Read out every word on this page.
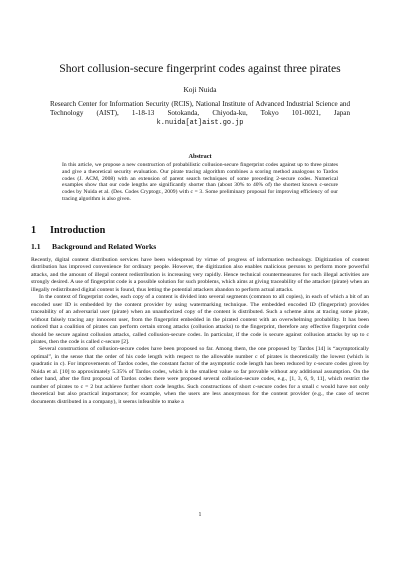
Short collusion-secure fingerprint codes against three pirates
Koji Nuida
Research Center for Information Security (RCIS), National Institute of Advanced Industrial Science and Technology (AIST), 1-18-13 Sotokanda, Chiyoda-ku, Tokyo 101-0021, Japan k.nuida[at]aist.go.jp
Abstract
In this article, we propose a new construction of probabilistic collusion-secure fingerprint codes against up to three pirates and give a theoretical security evaluation. Our pirate tracing algorithm combines a scoring method analogous to Tardos codes (J. ACM, 2008) with an extension of parent search techniques of some preceding 2-secure codes. Numerical examples show that our code lengths are significantly shorter than (about 30% to 40% of) the shortest known c-secure codes by Nuida et al. (Des. Codes Cryptogr., 2009) with c = 3. Some preliminary proposal for improving efficiency of our tracing algorithm is also given.
1 Introduction
1.1 Background and Related Works

Recently, digital content distribution services have been widespread by virtue of progress of information technology. Digitization of content distribution has improved convenience for ordinary people. However, the digitization also enables malicious persons to perform more powerful attacks, and the amount of illegal content redistribution is increasing very rapidly. Hence technical countermeasures for such illegal activities are strongly desired. A use of fingerprint code is a possible solution for such problems, which aims at giving traceability of the attacker (pirate) when an illegally redistributed digital content is found, thus letting the potential attackers abandon to perform actual attacks.

In the context of fingerprint codes, each copy of a content is divided into several segments (common to all copies), in each of which a bit of an encoded user ID is embedded by the content provider by using watermarking technique. The embedded encoded ID (fingerprint) provides traceability of an adversarial user (pirate) when an unauthorized copy of the content is distributed. Such a scheme aims at tracing some pirate, without falsely tracing any innocent user, from the fingerprint embedded in the pirated content with an overwhelming probability. It has been noticed that a coalition of pirates can perform certain strong attacks (collusion attacks) to the fingerprint, therefore any effective fingerprint code should be secure against collusion attacks, called collusion-secure codes. In particular, if the code is secure against collusion attacks by up to c pirates, then the code is called c-secure [2].

Several constructions of collusion-secure codes have been proposed so far. Among them, the one proposed by Tardos [14] is “asymptotically optimal”, in the sense that the order of his code length with respect to the allowable number c of pirates is theoretically the lowest (which is quadratic in c). For improvements of Tardos codes, the constant factor of the asymptotic code length has been reduced by c-secure codes given by Nuida et al. [10] to approximately 5.35% of Tardos codes, which is the smallest value so far provable without any additional assumption. On the other hand, after the first proposal of Tardos codes there were proposed several collusion-secure codes, e.g., [1, 3, 6, 9, 11], which restrict the number of pirates to c = 2 but achieve further short code lengths. Such constructions of short c-secure codes for a small c would have not only theoretical but also practical importance; for example, when the users are less anonymous for the content provider (e.g., the case of secret documents distributed in a company), it seems infeasible to make a

1
